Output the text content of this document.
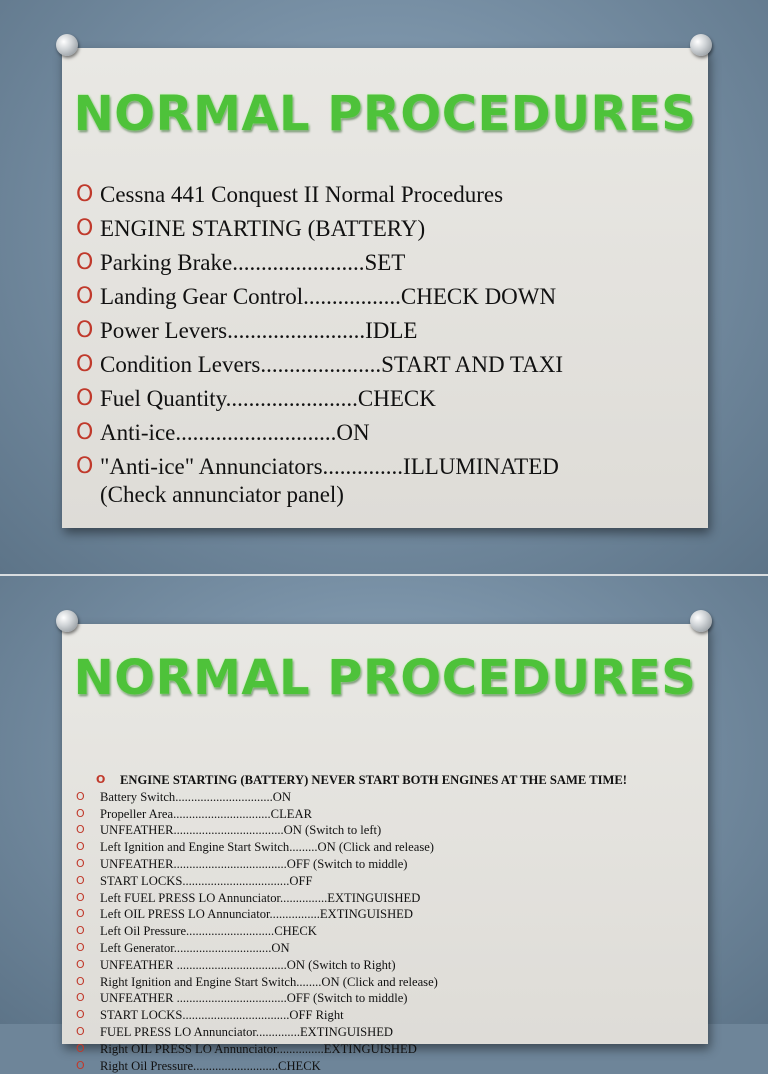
NORMAL PROCEDURES
O Cessna 441 Conquest II Normal Procedures
O ENGINE STARTING (BATTERY)
O Parking Brake.......................SET
O Landing Gear Control.................CHECK DOWN
O Power Levers........................IDLE
O Condition Levers.....................START AND TAXI
O Fuel Quantity.......................CHECK
O Anti-ice............................ON
O "Anti-ice" Annunciators..............ILLUMINATED
(Check annunciator panel)
NORMAL PROCEDURES
O ENGINE STARTING (BATTERY) NEVER START BOTH ENGINES AT THE SAME TIME!
O Battery Switch...............................ON
O Propeller Area...............................CLEAR
O UNFEATHER...................................ON (Switch to left)
O Left Ignition and Engine Start Switch.........ON (Click and release)
O UNFEATHER....................................OFF (Switch to middle)
O START LOCKS..................................OFF
O Left FUEL PRESS LO Annunciator...............EXTINGUISHED
O Left OIL PRESS LO Annunciator................EXTINGUISHED
O Left Oil Pressure............................CHECK
O Left Generator...............................ON
O UNFEATHER ...................................ON (Switch to Right)
O Right Ignition and Engine Start Switch........ON (Click and release)
O UNFEATHER ...................................OFF (Switch to middle)
O START LOCKS..................................OFF Right
O FUEL PRESS LO Annunciator..............EXTINGUISHED
O Right OIL PRESS LO Annunciator...............EXTINGUISHED
O Right Oil Pressure...........................CHECK
